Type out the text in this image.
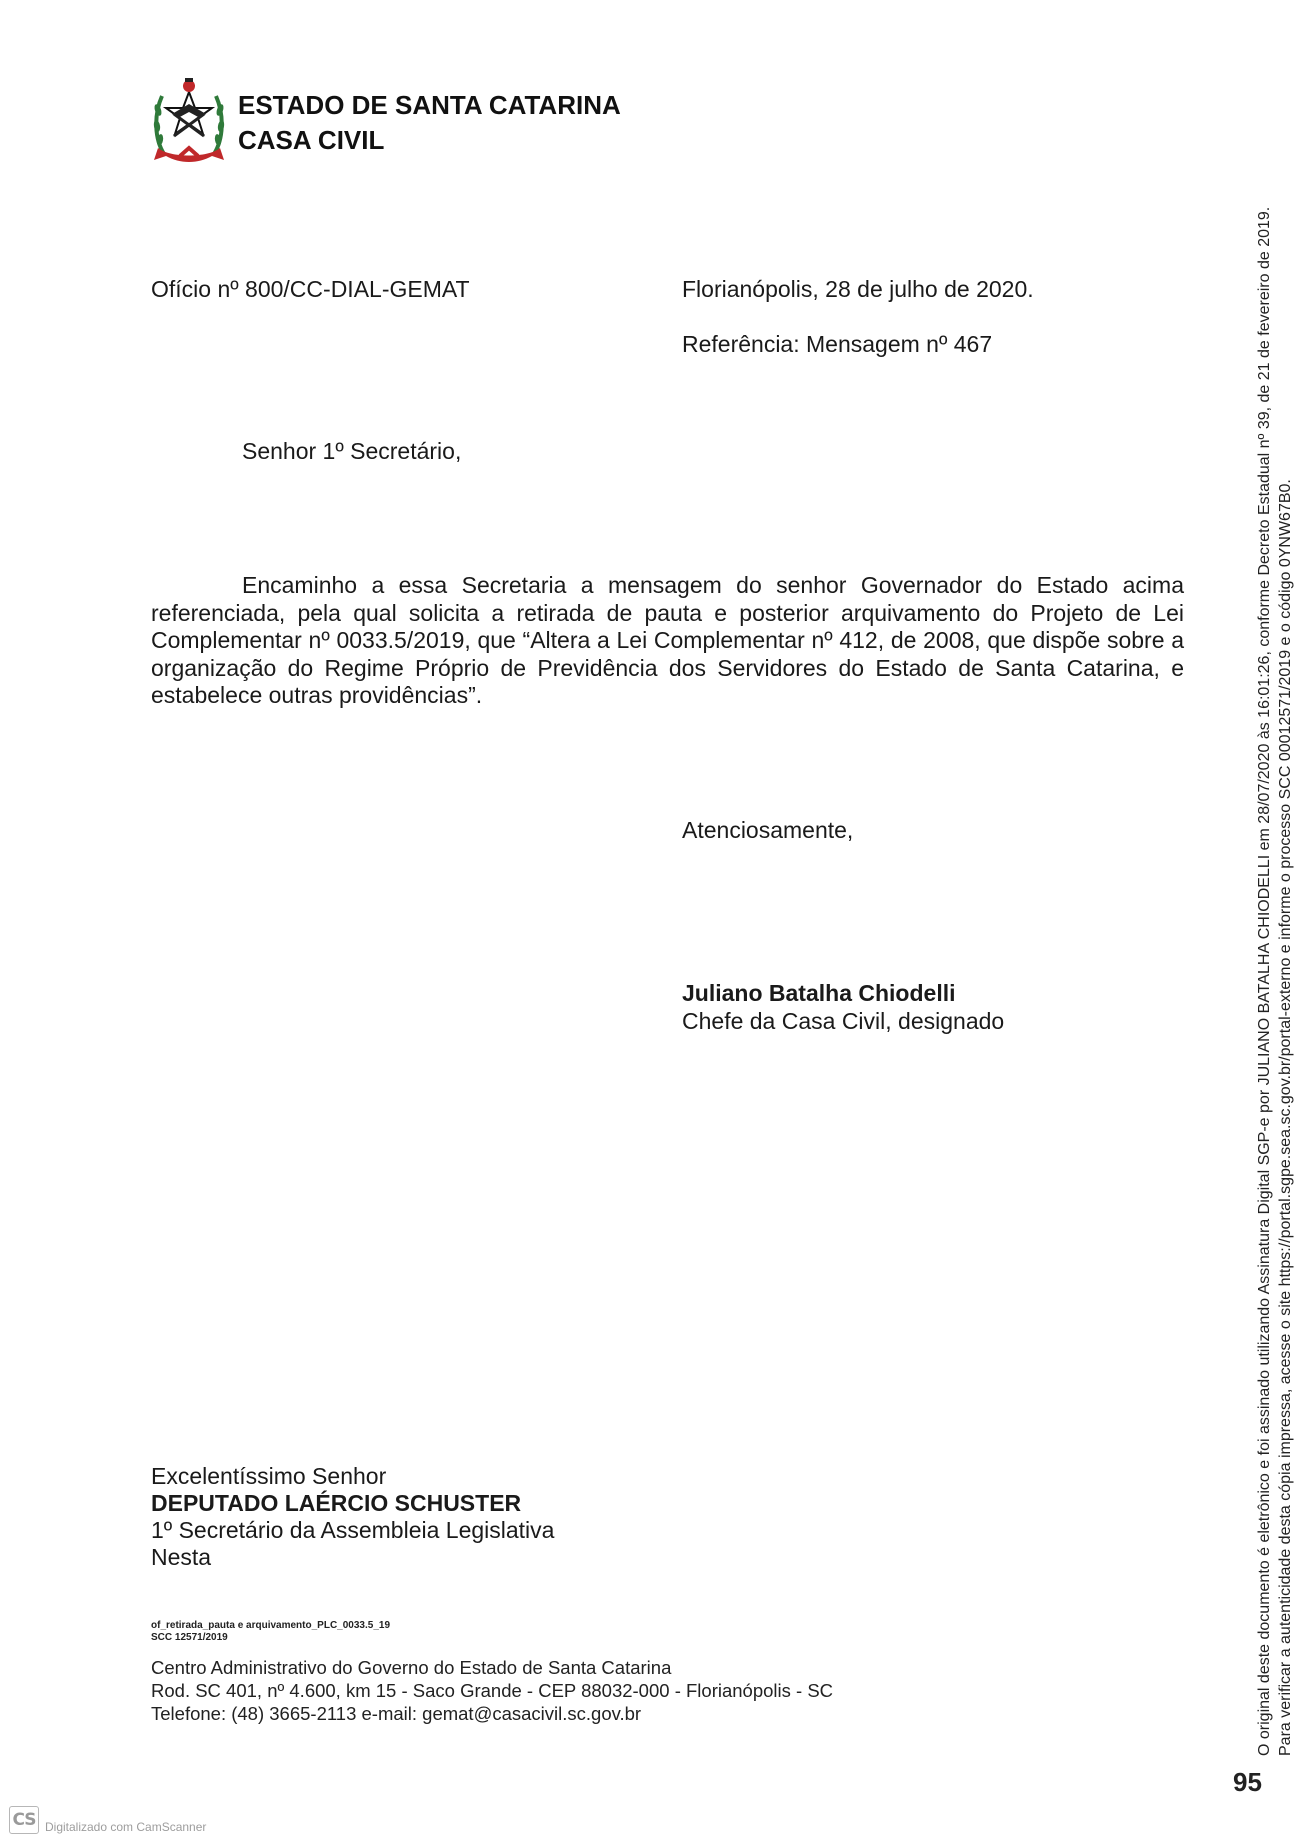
ESTADO DE SANTA CATARINA
CASA CIVIL
Ofício nº 800/CC-DIAL-GEMAT	Florianópolis, 28 de julho de 2020.
Referência: Mensagem nº 467
Senhor 1º Secretário,

Encaminho a essa Secretaria a mensagem do senhor Governador do Estado acima referenciada, pela qual solicita a retirada de pauta e posterior arquivamento do Projeto de Lei Complementar nº 0033.5/2019, que “Altera a Lei Complementar nº 412, de 2008, que dispõe sobre a organização do Regime Próprio de Previdência dos Servidores do Estado de Santa Catarina, e estabelece outras providências”.

Atenciosamente,
Juliano Batalha Chiodelli
Chefe da Casa Civil, designado
Excelentíssimo Senhor
DEPUTADO LAÉRCIO SCHUSTER
1º Secretário da Assembleia Legislativa
Nesta
of_retirada_pauta e arquivamento_PLC_0033.5_19
SCC 12571/2019
Centro Administrativo do Governo do Estado de Santa Catarina
Rod. SC 401, nº 4.600, km 15 - Saco Grande - CEP 88032-000 - Florianópolis - SC
Telefone: (48) 3665-2113 e-mail: gemat@casacivil.sc.gov.br	O original deste documento é eletrônico e foi assinado utilizando Assinatura Digital SGP-e por JULIANO BATALHA CHIODELLI em 28/07/2020 às 16:01:26, conforme Decreto Estadual nº 39, de 21 de fevereiro de 2019. Para verificar a autenticidade desta cópia impressa, acesse o site https://portal.sgpe.sea.sc.gov.br/portal-externo e informe o processo SCC 00012571/2019 e o código 0YNW67B0.
95
CS Digitalizado com CamScanner
